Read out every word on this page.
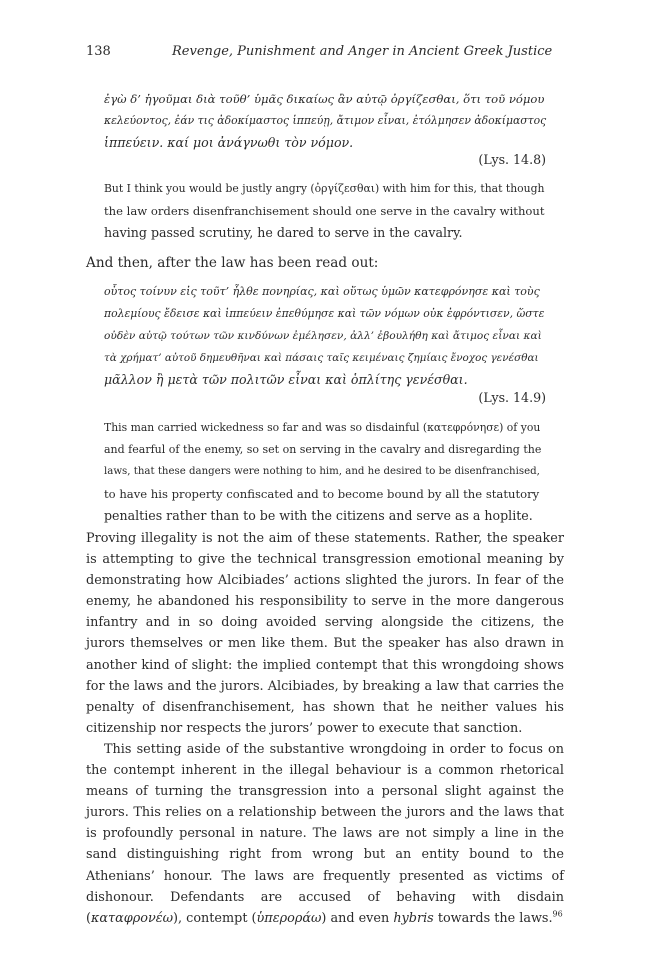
138	Revenge, Punishment and Anger in Ancient Greek Justice
ἐγὼ δ’ ἡγοῦμαι διὰ τοῦθ’ ὑμᾶς δικαίως ἂν αὐτῷ ὀργίζεσθαι, ὅτι τοῦ νόμου
κελεύοντος, ἐάν τις ἀδοκίμαστος ἱππεύῃ, ἄτιμον εἶναι, ἐτόλμησεν ἀδοκίμαστος
ἱππεύειν. καί μοι ἀνάγνωθι τὸν νόμον.
(Lys. 14.8)
But I think you would be justly angry (ὀργίζεσθαι) with him for this, that though
the law orders disenfranchisement should one serve in the cavalry without
having passed scrutiny, he dared to serve in the cavalry.
And then, after the law has been read out:
οὗτος τοίνυν εἰς τοῦτ’ ἦλθε πονηρίας, καὶ οὕτως ὑμῶν κατεφρόνησε καὶ τοὺς
πολεμίους ἔδεισε καὶ ἱππεύειν ἐπεθύμησε καὶ τῶν νόμων οὐκ ἐφρόντισεν, ὥστε
οὐδὲν αὐτῷ τούτων τῶν κινδύνων ἐμέλησεν, ἀλλ’ ἐβουλήθη καὶ ἄτιμος εἶναι καὶ
τὰ χρήματ’ αὐτοῦ δημευθῆναι καὶ πάσαις ταῖς κειμέναις ζημίαις ἔνοχος γενέσθαι
μᾶλλον ἢ μετὰ τῶν πολιτῶν εἶναι καὶ ὁπλίτης γενέσθαι.
(Lys. 14.9)
This man carried wickedness so far and was so disdainful (κατεφρόνησε) of you
and fearful of the enemy, so set on serving in the cavalry and disregarding the
laws, that these dangers were nothing to him, and he desired to be disenfranchised,
to have his property confiscated and to become bound by all the statutory
penalties rather than to be with the citizens and serve as a hoplite.

Proving illegality is not the aim of these statements. Rather, the speaker is attempting to give the technical transgression emotional meaning by demonstrating how Alcibiades’ actions slighted the jurors. In fear of the enemy, he abandoned his responsibility to serve in the more dangerous infantry and in so doing avoided serving alongside the citizens, the jurors themselves or men like them. But the speaker has also drawn in another kind of slight: the implied contempt that this wrongdoing shows for the laws and the jurors. Alcibiades, by breaking a law that carries the penalty of disenfranchisement, has shown that he neither values his citizenship nor respects the jurors’ power to execute that sanction.

This setting aside of the substantive wrongdoing in order to focus on the contempt inherent in the illegal behaviour is a common rhetorical means of turning the transgression into a personal slight against the jurors. This relies on a relationship between the jurors and the laws that is profoundly personal in nature. The laws are not simply a line in the sand distinguishing right from wrong but an entity bound to the Athenians’ honour. The laws are frequently presented as victims of dishonour. Defendants are accused of behaving with disdain (καταφρονέω), contempt (ὑπεροράω) and even hybris towards the laws.$^{96}$
